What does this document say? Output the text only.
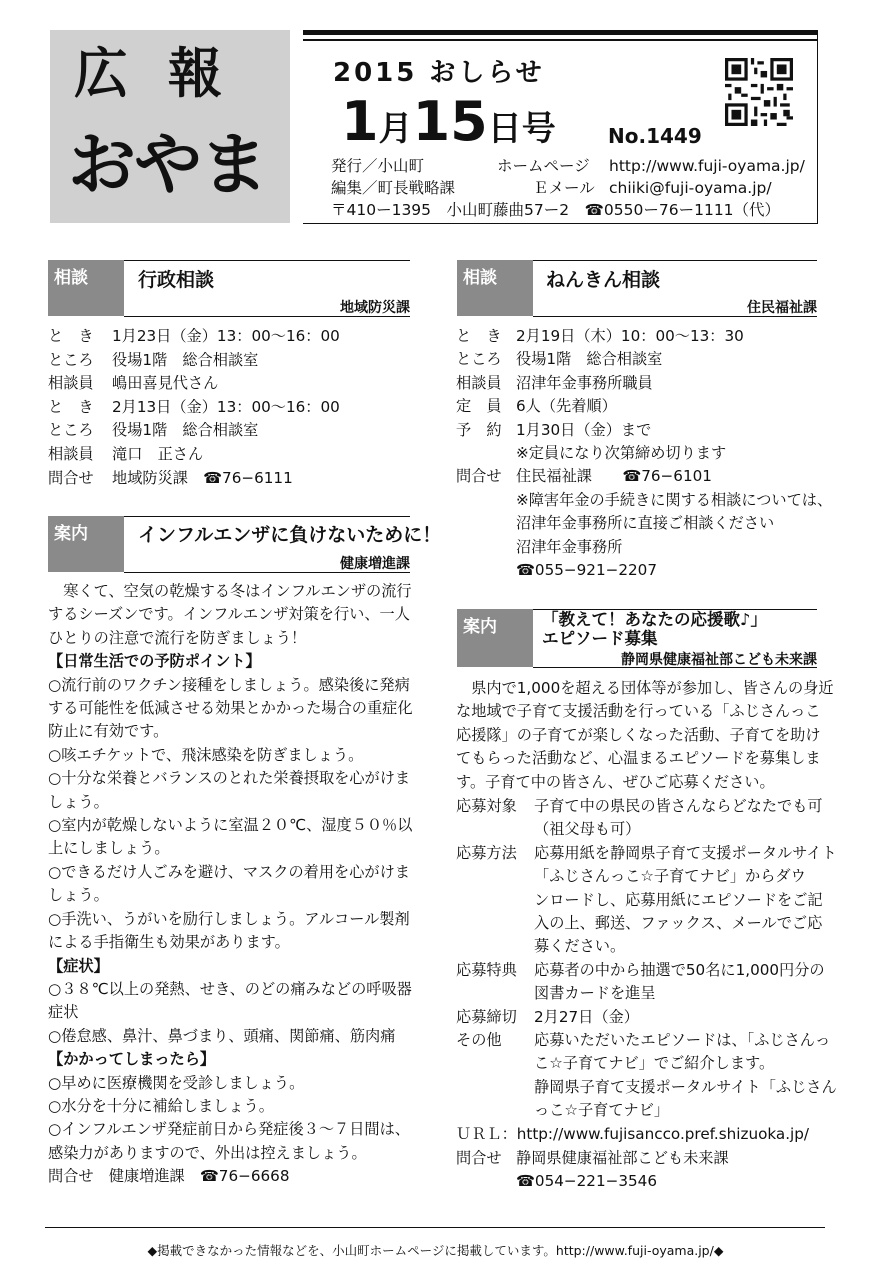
広報
おやま
2015 おしらせ
1月15日号	No.1449
発行／小山町	ホームページ http://www.fuji-oyama.jp/
編集／町長戦略課	Ｅメール chiiki@fuji-oyama.jp/
〒410ー1395　小山町藤曲57ー2　☎0550ー76ー1111（代）
相談	行政相談
地域防災課
と　き 1月23日（金）13：00〜16：00
ところ 役場1階　総合相談室
相談員 嶋田喜見代さん
と　き 2月13日（金）13：00〜16：00
ところ 役場1階　総合相談室
相談員 滝口　正さん
問合せ 地域防災課　☎76−6111
案内	インフルエンザに負けないために！
健康増進課
　寒くて、空気の乾燥する冬はインフルエンザの流行
するシーズンです。インフルエンザ対策を行い、一人
ひとりの注意で流行を防ぎましょう！
【日常生活での予防ポイント】
○流行前のワクチン接種をしましょう。感染後に発病
する可能性を低減させる効果とかかった場合の重症化
防止に有効です。
○咳エチケットで、飛沫感染を防ぎましょう。
○十分な栄養とバランスのとれた栄養摂取を心がけま
しょう。
○室内が乾燥しないように室温２０℃、湿度５０％以
上にしましょう。
○できるだけ人ごみを避け、マスクの着用を心がけま
しょう。
○手洗い、うがいを励行しましょう。アルコール製剤
による手指衛生も効果があります。
【症状】
○３８℃以上の発熱、せき、のどの痛みなどの呼吸器
症状
○倦怠感、鼻汁、鼻づまり、頭痛、関節痛、筋肉痛
【かかってしまったら】
○早めに医療機関を受診しましょう。
○水分を十分に補給しましょう。
○インフルエンザ発症前日から発症後３〜７日間は、
感染力がありますので、外出は控えましょう。
問合せ　健康増進課　☎76−6668
相談	ねんきん相談
住民福祉課
と　き 2月19日（木）10：00〜13：30
ところ 役場1階　総合相談室
相談員 沼津年金事務所職員
定　員 6人（先着順）
予　約 1月30日（金）まで
※定員になり次第締め切ります
問合せ 住民福祉課　　☎76−6101
※障害年金の手続きに関する相談については、
沼津年金事務所に直接ご相談ください
沼津年金事務所
☎055−921−2207
案内	「教えて！あなたの応援歌♪」
エピソード募集
静岡県健康福祉部こども未来課
　県内で1,000を超える団体等が参加し、皆さんの身近
な地域で子育て支援活動を行っている「ふじさんっこ
応援隊」の子育てが楽しくなった活動、子育てを助け
てもらった活動など、心温まるエピソードを募集しま
す。子育て中の皆さん、ぜひご応募ください。
応募対象 子育て中の県民の皆さんならどなたでも可
（祖父母も可）
応募方法 応募用紙を静岡県子育て支援ポータルサイト
「ふじさんっこ☆子育てナビ」からダウ
ンロードし、応募用紙にエピソードをご記
入の上、郵送、ファックス、メールでご応
募ください。
応募特典 応募者の中から抽選で50名に1,000円分の
図書カードを進呈
応募締切 2月27日（金）
その他 応募いただいたエピソードは、「ふじさんっ
こ☆子育てナビ」でご紹介します。
静岡県子育て支援ポータルサイト「ふじさん
っこ☆子育てナビ」
ＵＲＬ：http://www.fujisancco.pref.shizuoka.jp/
問合せ 静岡県健康福祉部こども未来課
☎054−221−3546
◆掲載できなかった情報などを、小山町ホームページに掲載しています。http://www.fuji-oyama.jp/◆
